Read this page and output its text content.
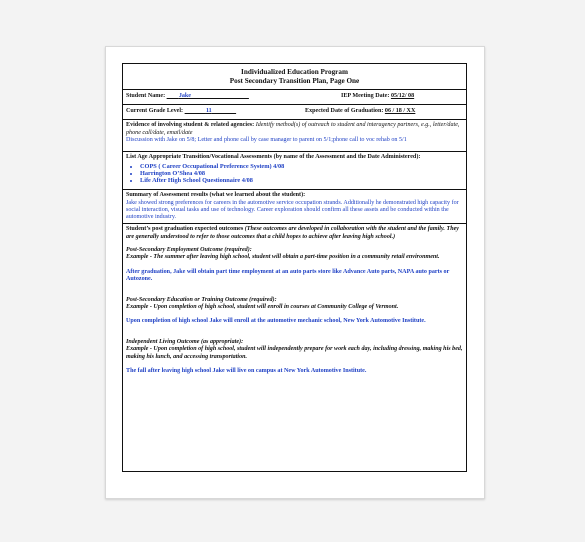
Individualized Education Program
Post Secondary Transition Plan, Page One
Student Name:         Jake	IEP Meeting Date: 05/12/ 08
Current Grade Level:	11	Expected Date of Graduation: 06 / 18 / XX
Evidence of involving student & related agencies: Identify method(s) of outreach to student and interagency partners, e.g., letter/date, phone call/date, email/date
Discussion with Jake on 5/8; Letter and phone call by case manager to parent on 5/1;phone call to voc rehab on 5/1
List Age Appropriate Transition/Vocational Assessments (by name of the Assessment and the Date Administered):
• COPS ( Career Occupational Preference System) 4/08
• Harrington O’Shea 4/08
• Life After High School Questionnaire 4/08
Summary of Assessment results (what we learned about the student):
Jake showed strong preferences for careers in the automotive service occupation strands. Additionally he demonstrated high capacity for social interaction, visual tasks and use of technology. Career exploration should confirm all these assets and be conducted within the automotive industry.
Student’s post graduation expected outcomes (These outcomes are developed in collaboration with the student and the family. They are generally understood to refer to those outcomes that a child hopes to achieve after leaving high school.)
Post-Secondary Employment Outcome (required):
Example - The summer after leaving high school, student will obtain a part-time position in a community retail environment.
After graduation, Jake will obtain part time employment at an auto parts store like Advance Auto parts, NAPA auto parts or Autozone.
Post-Secondary Education or Training Outcome (required):
Example - Upon completion of high school, student will enroll in courses at Community College of Vermont.
Upon completion of high school Jake will enroll at the automotive mechanic school, New York Automotive Institute.
Independent Living Outcome (as appropriate):
Example - Upon completion of high school, student will independently prepare for work each day, including dressing, making his bed, making his lunch, and accessing transportation.
The fall after leaving high school Jake will live on campus at New York Automotive Institute.
